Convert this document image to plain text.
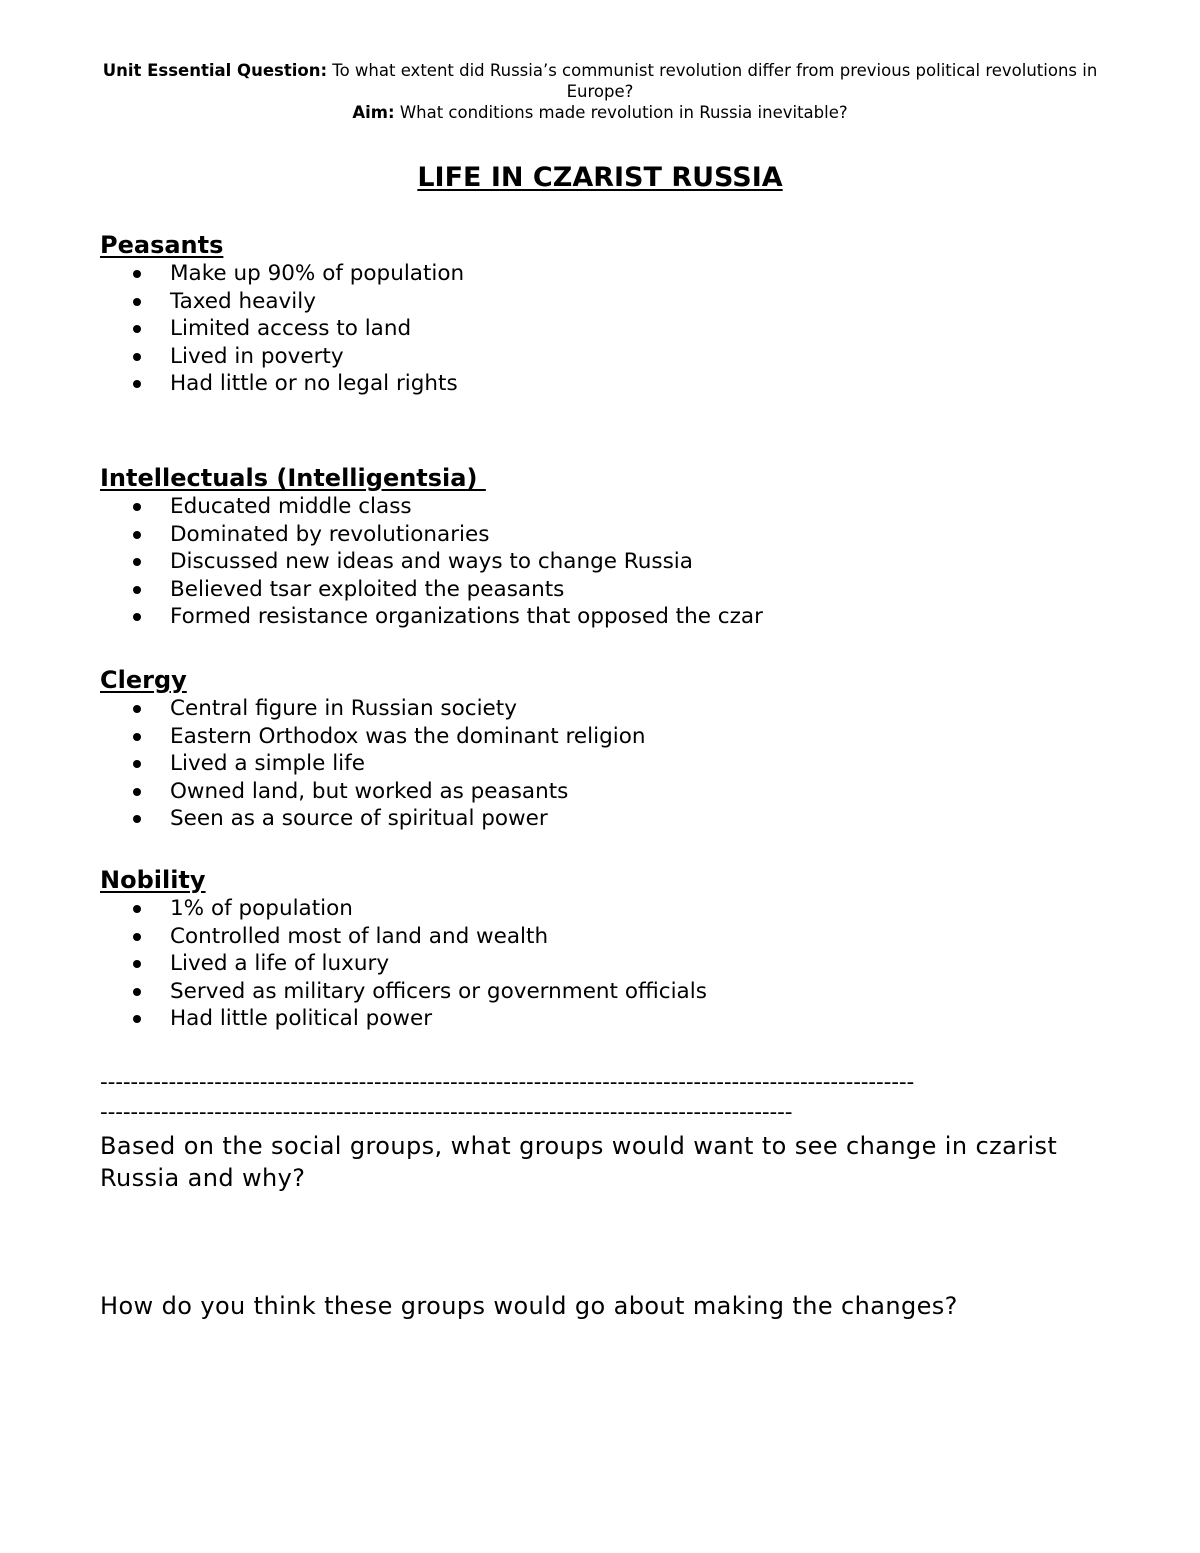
Unit Essential Question: To what extent did Russia’s communist revolution differ from previous political revolutions in Europe?
Aim: What conditions made revolution in Russia inevitable?
LIFE IN CZARIST RUSSIA
Peasants
Make up 90% of population
Taxed heavily
Limited access to land
Lived in poverty
Had little or no legal rights
Intellectuals (Intelligentsia)
Educated middle class
Dominated by revolutionaries
Discussed new ideas and ways to change Russia
Believed tsar exploited the peasants
Formed resistance organizations that opposed the czar
Clergy
Central figure in Russian society
Eastern Orthodox was the dominant religion
Lived a simple life
Owned land, but worked as peasants
Seen as a source of spiritual power
Nobility
1% of population
Controlled most of land and wealth
Lived a life of luxury
Served as military officers or government officials
Had little political power
-----------------------------------------------------------------------------------------------------------
-------------------------------------------------------------------------------------------
Based on the social groups, what groups would want to see change in czarist Russia and why?
How do you think these groups would go about making the changes?
